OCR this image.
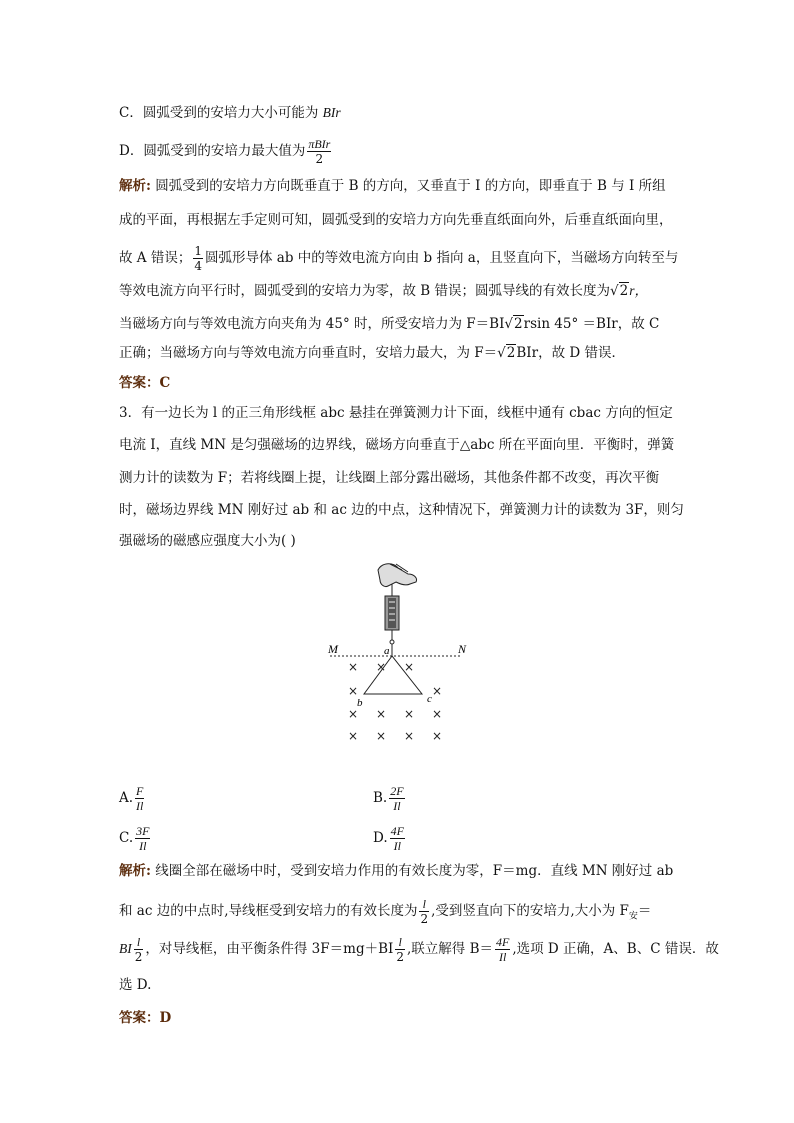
C．圆弧受到的安培力大小可能为 BIr
D．圆弧受到的安培力最大值为 $\frac{\text{πBIr}}{2}$
解析: 圆弧受到的安培力方向既垂直于 B 的方向，又垂直于 I 的方向，即垂直于 B 与 I 所组
成的平面，再根据左手定则可知，圆弧受到的安培力方向先垂直纸面向外，后垂直纸面向里，
故 A 错误； $\frac{1}{4}$ 圆弧形导体 ab 中的等效电流方向由 b 指向 a，且竖直向下，当磁场方向转至与
等效电流方向平行时，圆弧受到的安培力为零，故 B 错误；圆弧导线的有效长度为√2r，
当磁场方向与等效电流方向夹角为 45° 时，所受安培力为 F＝BI√2rsin 45° ＝BIr，故 C
正确；当磁场方向与等效电流方向垂直时，安培力最大，为 F＝√2BIr，故 D 错误．
答案：C
3．有一边长为 l 的正三角形线框 abc 悬挂在弹簧测力计下面，线框中通有 cbac 方向的恒定
电流 I，直线 MN 是匀强磁场的边界线，磁场方向垂直于△abc 所在平面向里．平衡时，弹簧
测力计的读数为 F；若将线圈上提，让线圈上部分露出磁场，其他条件都不改变，再次平衡
时，磁场边界线 MN 刚好过 ab 和 ac 边的中点，这种情况下，弹簧测力计的读数为 3F，则匀
强磁场的磁感应强度大小为( )
M	N
a
b	c
× × ×
×	×
× × × ×
× × × ×
A. $\frac{F}{Il}$	B. $\frac{2F}{Il}$
C. $\frac{3F}{Il}$	D. $\frac{4F}{Il}$
解析: 线圈全部在磁场中时，受到安培力作用的有效长度为零，F＝mg．直线 MN 刚好过 ab
和 ac 边的中点时,导线框受到安培力的有效长度为 $\frac{l}{2}$ ,受到竖直向下的安培力,大小为 $F_安=$
BI $\frac{l}{2}$ ，对导线框，由平衡条件得 $3F=mg+BI \frac{l}{2}$ ,联立解得 $B= \frac{4F}{Il}$ ,选项 D 正确，A、B、C 错误．故
选 D.
答案：D
